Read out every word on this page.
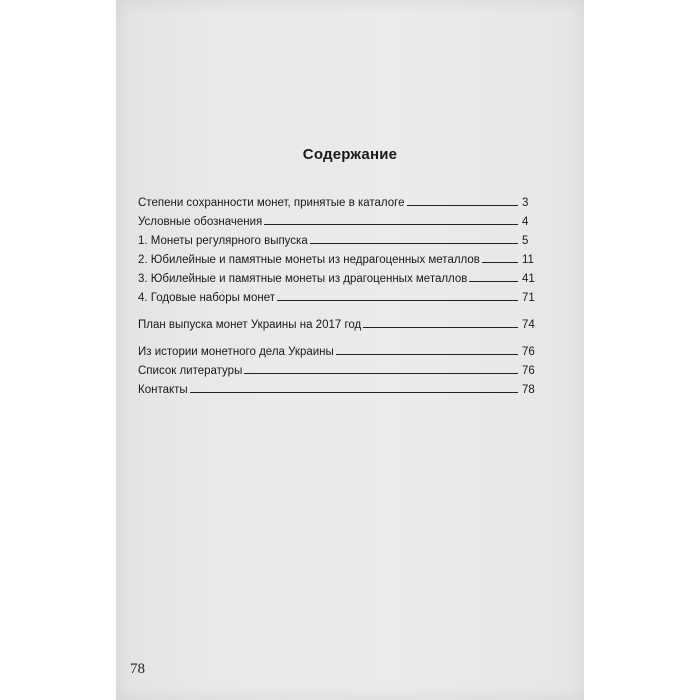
Содержание
Степени сохранности монет, принятые в каталоге	3
Условные обозначения	4
1. Монеты регулярного выпуска	5
2. Юбилейные и памятные монеты из недрагоценных металлов	11
3. Юбилейные и памятные монеты из драгоценных металлов	41
4. Годовые наборы монет	71
План выпуска монет Украины на 2017 год	74
Из истории монетного дела Украины	76
Список литературы	76
Контакты	78
78
